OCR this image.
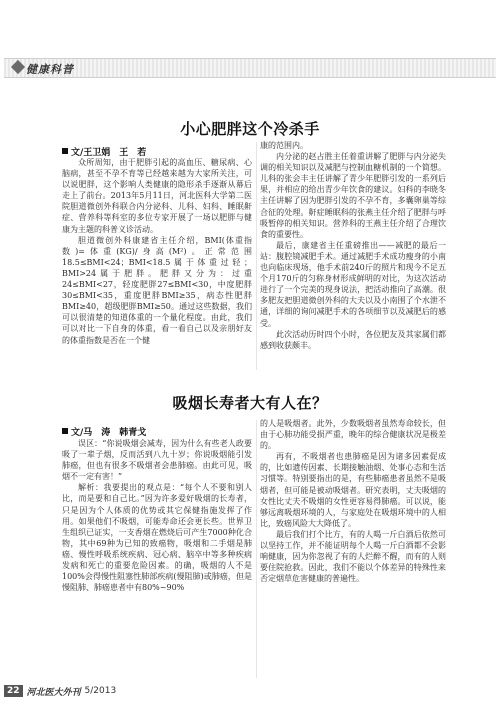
健康科普
小心肥胖这个冷杀手
文/王卫娟　王　若

众所周知，由于肥胖引起的高血压、糖尿病、心脑病，甚至不孕不育等已经越来越为大家所关注，可以说肥胖，这个影响人类健康的隐形杀手逐渐从幕后走上了前台。2013年5月11日，河北医科大学第二医院胆道微创外科联合内分泌科、儿科、妇科、睡眠鼾症、营养科等科室的多位专家开展了一场以肥胖与健康为主题的科普义诊活动。

胆道微创外科康建省主任介绍，BMI(体重指数)=体重(KG)/身高(M²)。正常范围18.5≤BMI<24；BMI<18.5属于体重过轻；BMI>24属于肥胖。肥胖又分为：过重24≤BMI<27，轻度肥胖27≤BMI<30，中度肥胖30≤BMI<35，重度肥胖BMI≥35，病态性肥胖BMI≥40，超级肥胖BMI≥50。通过这些数据，我们可以很清楚的知道体重的一个量化程度。由此，我们可以对比一下自身的体重，看一看自己以及亲朋好友的体重指数是否在一个健

康的范围内。

内分泌的赵占胜主任着重讲解了肥胖与内分泌失调的相关知识以及减肥与控制血糖机制的一个简想。儿科的张会丰主任讲解了青少年肥胖引发的一系列后果，并相应的给出青少年饮食的建议。妇科的李晓冬主任讲解了因为肥胖引发的不孕不育，多囊卵巢等综合征的处理。鼾症睡眠科的张燕主任介绍了肥胖与呼吸暂停的相关知识。营养科的王燕主任介绍了合理饮食的重要性。

最后，康建省主任重磅推出——减肥的最后一站：腹腔镜减肥手术。通过减肥手术成功瘦身的小南也向临床现场，他手术前240斤的照片和现今不足五个月170斤的匀称身材形成鲜明的对比，为这次活动进行了一个完美的现身说法，把活动推向了高潮。很多肥友把胆道微创外科的大夫以及小南围了个水泄不通，详细的询问减肥手术的各项细节以及减肥后的感受。

此次活动历时四个小时，各位肥友及其家属们都感到收获颇丰。

吸烟长寿者大有人在？
文/马　涛　韩青戈

误区：“你说吸烟会减寿，因为什么有些老人政要吸了一辈子烟，反而活到八九十岁；你说吸烟能引发肺癌，但也有很多不吸烟者会患肺癌。由此可见，吸烟不一定有害！”

解析：我要提出的观点是：“每个人不要和别人比，而是要和自己比。”因为许多爱好吸烟的长寿者，只是因为个人体质的优势或其它保健指施发挥了作用。如果他们不吸烟，可能寿命还会更长些。世界卫生组织已证实，一支香烟在燃烧后可产生7000种化合物，其中69种为已知的致癌物，吸烟和二手烟是肺癌、慢性呼吸系统疾病、冠心病、脑卒中等多种疾病发病和死亡的重要危险因素。的确，吸烟的人不是100%会得慢性阻塞性肺部疾病(慢阻肺)或肺癌，但是慢阻肺、肺癌患者中有80%~90%

的人是吸烟者。此外，少数吸烟者虽然寿命较长，但由于心肺功能受损严重，晚年的综合健康状况是极差的。

再有，不吸烟者也患肺癌是因为诸多因素促成的，比如遗传因素、长期接触油烟、处事心态和生活习惯等。特别要指出的是，有些肺癌患者虽然不是吸烟者，但可能是被动吸烟者。研究表明，丈夫吸烟的女性比丈夫不吸烟的女性更容易得肺癌。可以说，能够远离吸烟环境的人，与家庭处在吸烟环境中的人相比，致癌风险大大降低了。

最后我们打个比方，有的人喝一斤白酒后依然可以坚持工作，并不能证明每个人喝一斤白酒都不会影响健康，因为你忽视了有的人烂醉不醒，而有的人则要住院抢救。因此，我们不能以个体差异的特殊性来否定烟草危害健康的普遍性。

22 河北医大外刊 5/2013
